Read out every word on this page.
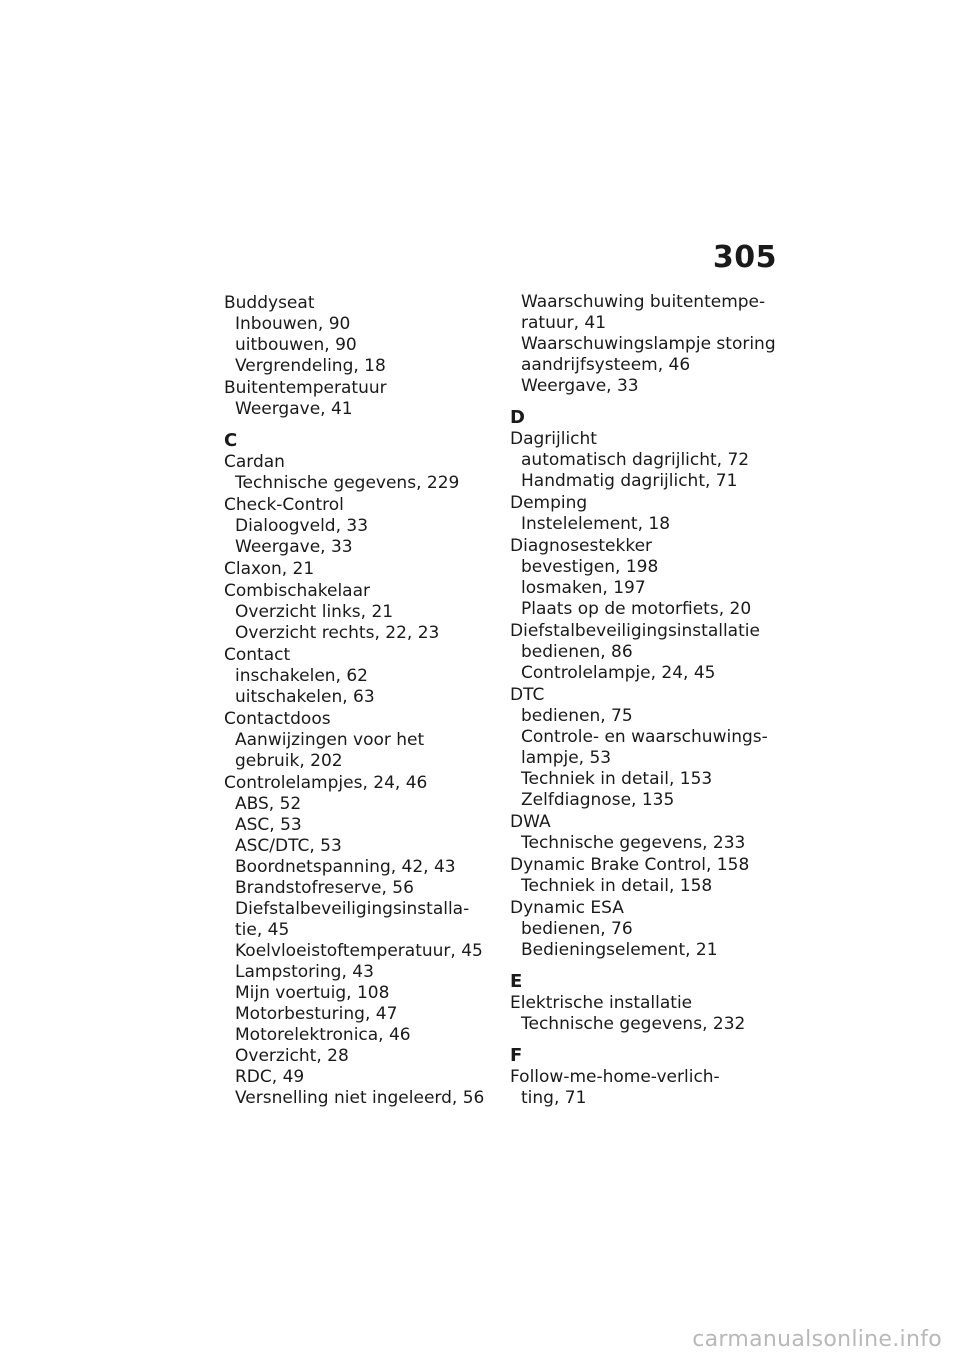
305
Buddyseat
Inbouwen, 90
uitbouwen, 90
Vergrendeling, 18
Buitentemperatuur
Weergave, 41
C
Cardan
Technische gegevens, 229
Check-Control
Dialoogveld, 33
Weergave, 33
Claxon, 21
Combischakelaar
Overzicht links, 21
Overzicht rechts, 22, 23
Contact
inschakelen, 62
uitschakelen, 63
Contactdoos
Aanwijzingen voor het
gebruik, 202
Controlelampjes, 24, 46
ABS, 52
ASC, 53
ASC/DTC, 53
Boordnetspanning, 42, 43
Brandstofreserve, 56
Diefstalbeveiligingsinstalla-
tie, 45
Koelvloeistoftemperatuur, 45
Lampstoring, 43
Mijn voertuig, 108
Motorbesturing, 47
Motorelektronica, 46
Overzicht, 28
RDC, 49
Versnelling niet ingeleerd, 56
Waarschuwing buitentempe-
ratuur, 41
Waarschuwingslampje storing
aandrijfsysteem, 46
Weergave, 33
D
Dagrijlicht
automatisch dagrijlicht, 72
Handmatig dagrijlicht, 71
Demping
Instelelement, 18
Diagnosestekker
bevestigen, 198
losmaken, 197
Plaats op de motorfiets, 20
Diefstalbeveiligingsinstallatie
bedienen, 86
Controlelampje, 24, 45
DTC
bedienen, 75
Controle- en waarschuwings-
lampje, 53
Techniek in detail, 153
Zelfdiagnose, 135
DWA
Technische gegevens, 233
Dynamic Brake Control, 158
Techniek in detail, 158
Dynamic ESA
bedienen, 76
Bedieningselement, 21
E
Elektrische installatie
Technische gegevens, 232
F
Follow-me-home-verlich-
ting, 71
carmanualsonline.info
